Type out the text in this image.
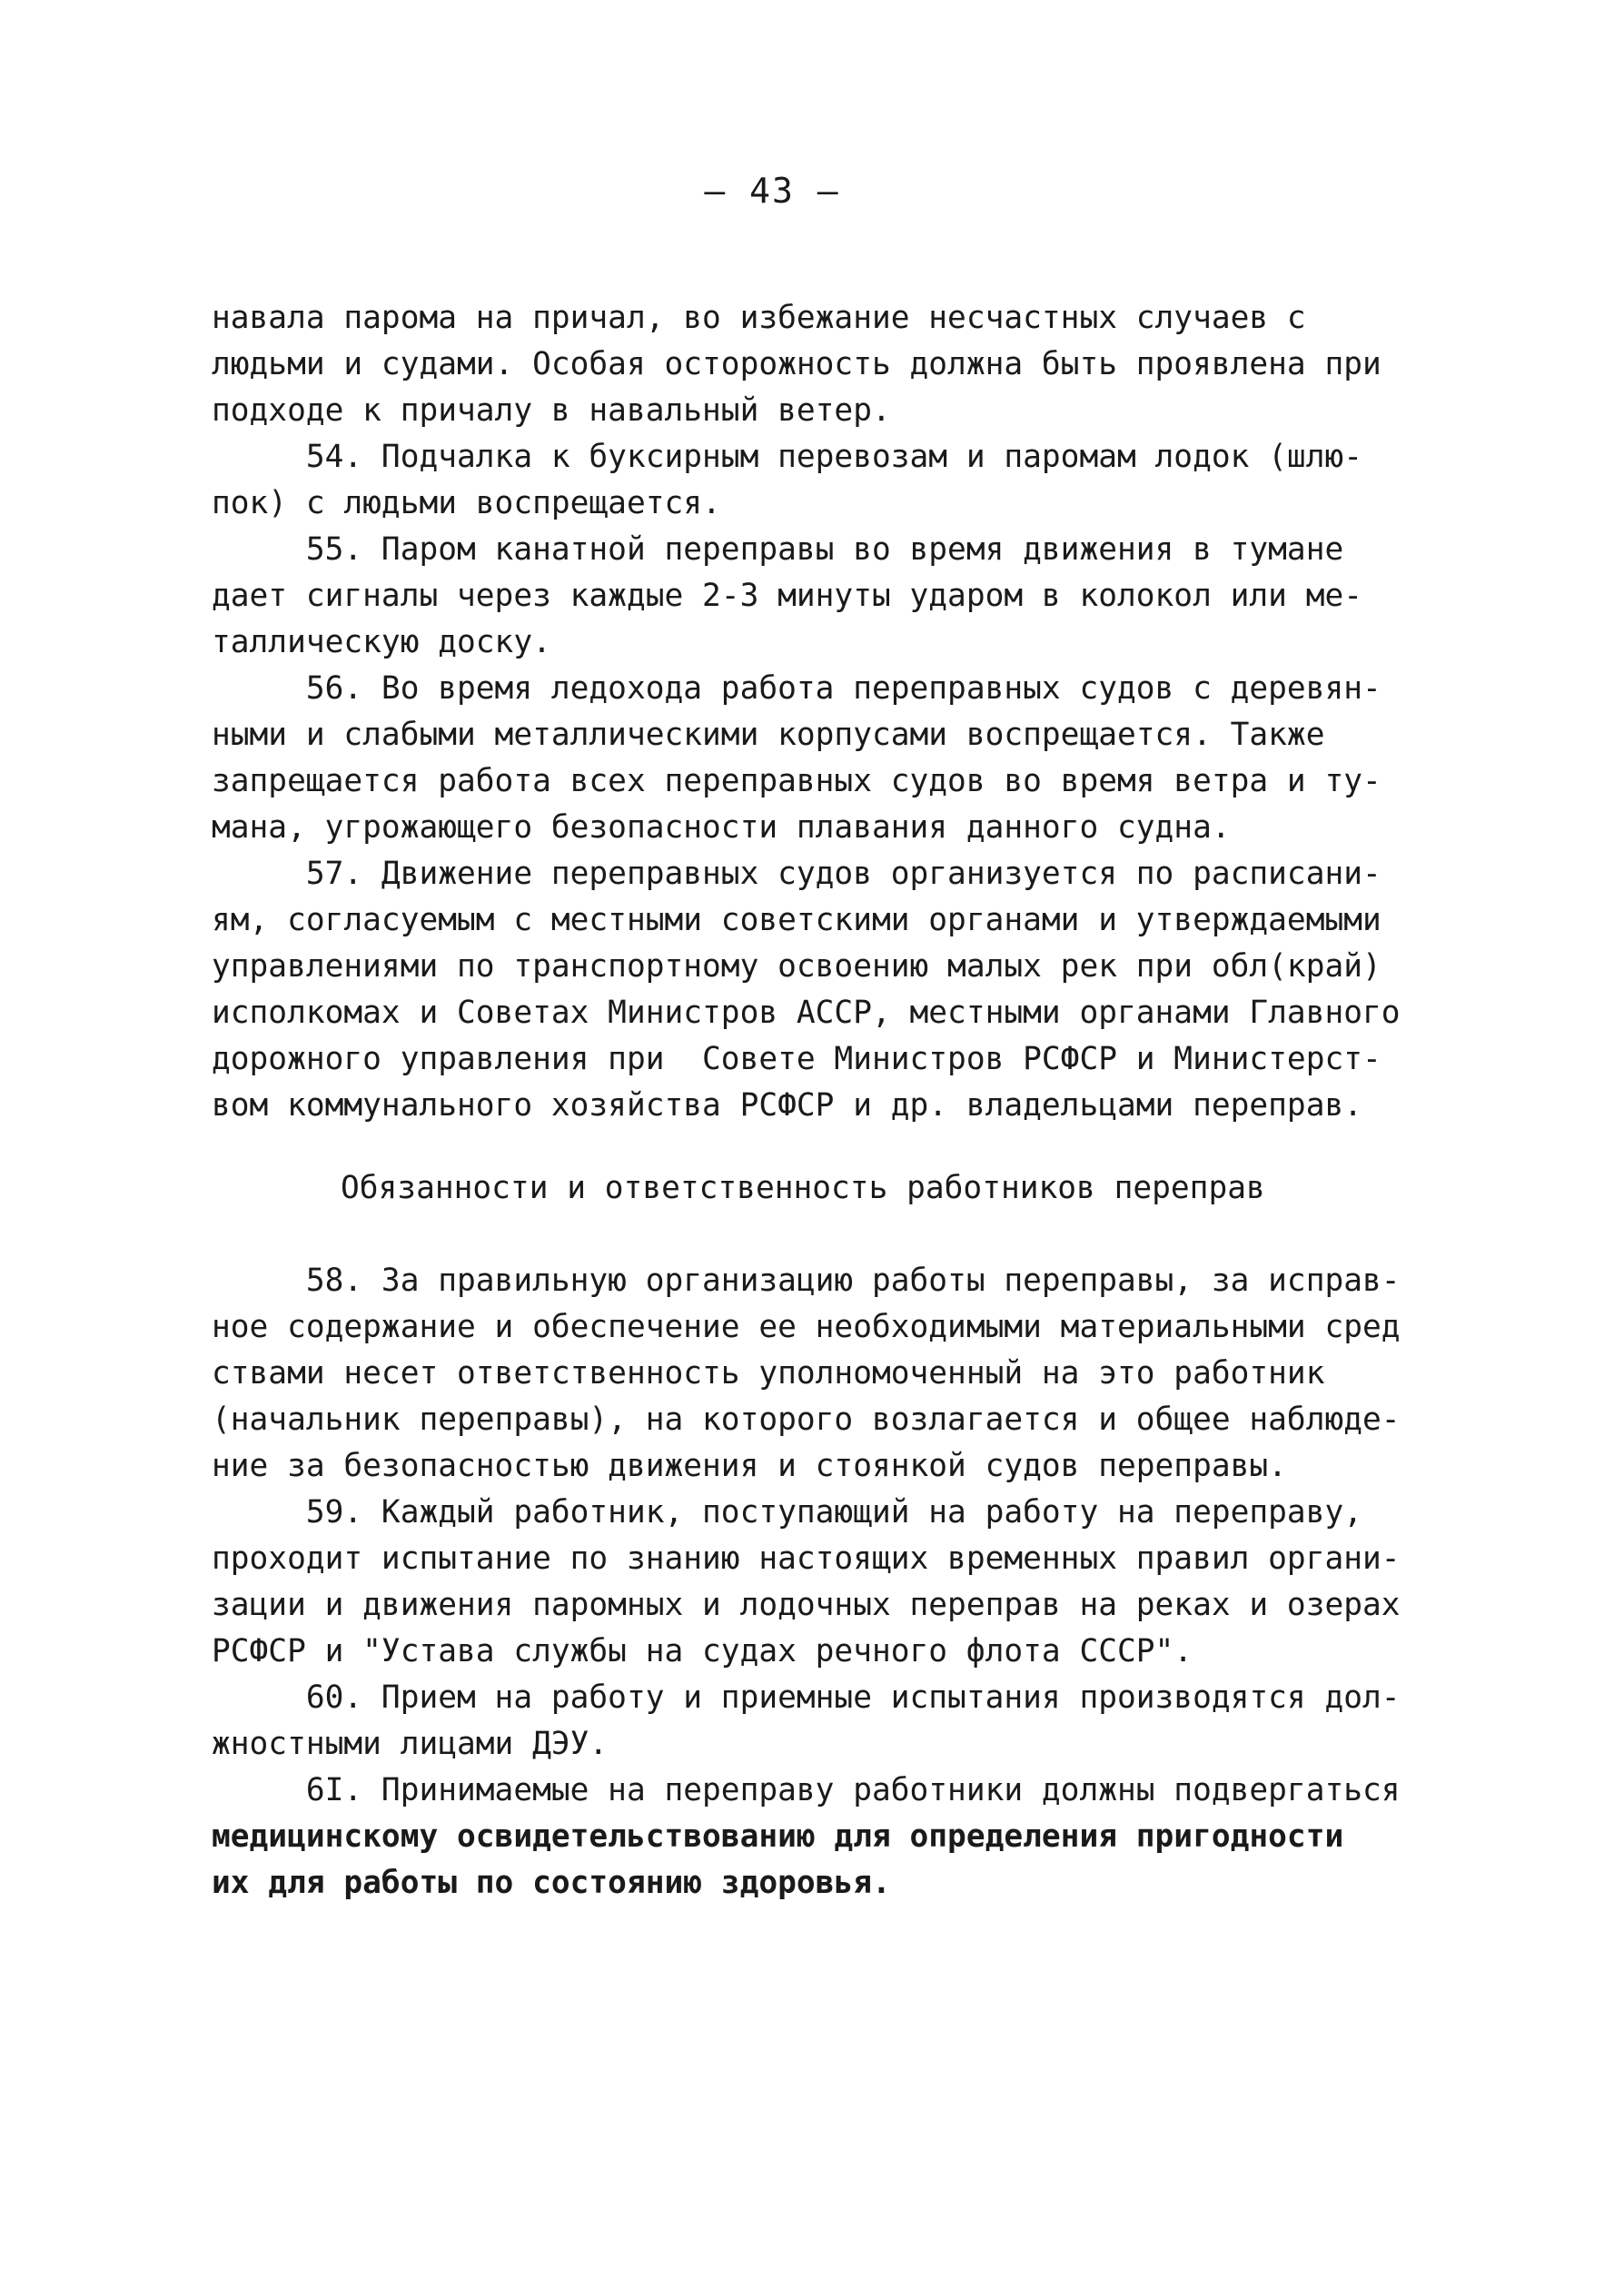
— 43 —
навала парома на причал, во избежание несчастных случаев с
людьми и судами. Особая осторожность должна быть проявлена при
подходе к причалу в навальный ветер.
54. Подчалка к буксирным перевозам и паромам лодок (шлю-
пок) с людьми воспрещается.
55. Паром канатной переправы во время движения в тумане
дает сигналы через каждые 2-3 минуты ударом в колокол или ме-
таллическую доску.
56. Во время ледохода работа переправных судов с деревян-
ными и слабыми металлическими корпусами воспрещается. Также
запрещается работа всех переправных судов во время ветра и ту-
мана, угрожающего безопасности плавания данного судна.
57. Движение переправных судов организуется по расписани-
ям, согласуемым с местными советскими органами и утверждаемыми
управлениями по транспортному освоению малых рек при обл(край)
исполкомах и Советах Министров АССР, местными органами Главного
дорожного управления при  Совете Министров РСФСР и Министерст-
вом коммунального хозяйства РСФСР и др. владельцами переправ.
Обязанности и ответственность работников переправ
58. За правильную организацию работы переправы, за исправ-
ное содержание и обеспечение ее необходимыми материальными сред
ствами несет ответственность уполномоченный на это работник
(начальник переправы), на которого возлагается и общее наблюде-
ние за безопасностью движения и стоянкой судов переправы.
59. Каждый работник, поступающий на работу на переправу,
проходит испытание по знанию настоящих временных правил органи-
зации и движения паромных и лодочных переправ на реках и озерах
РСФСР и "Устава службы на судах речного флота СССР".
60. Прием на работу и приемные испытания производятся дол-
жностными лицами ДЭУ.
6I. Принимаемые на переправу работники должны подвергаться
медицинскому освидетельствованию для определения пригодности
их для работы по состоянию здоровья.
